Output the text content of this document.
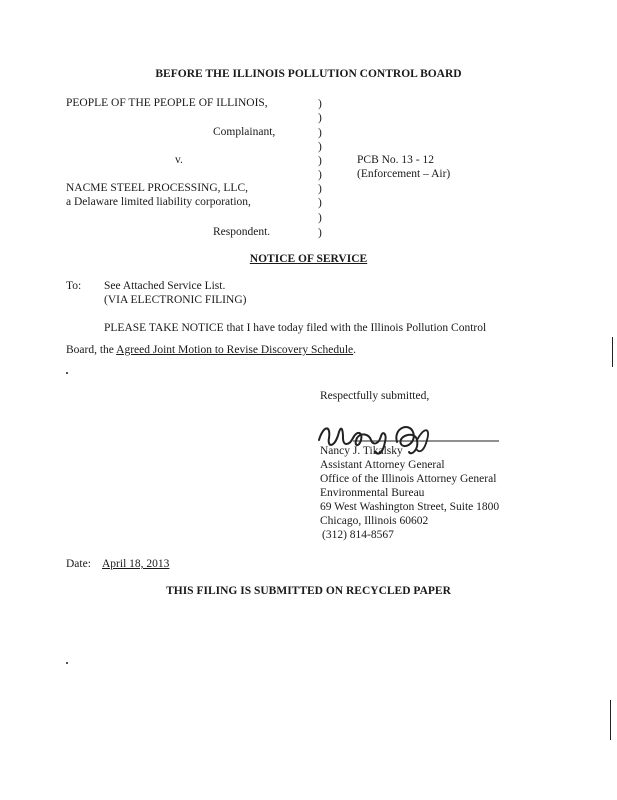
BEFORE THE ILLINOIS POLLUTION CONTROL BOARD
PEOPLE OF THE PEOPLE OF ILLINOIS,
Complainant,
v.
NACME STEEL PROCESSING, LLC,
a Delaware limited liability corporation,
Respondent.
)
)
)
)
)
)
)
)
)
)
PCB No. 13 - 12
(Enforcement – Air)
NOTICE OF SERVICE
To: See Attached Service List.
(VIA ELECTRONIC FILING)
PLEASE TAKE NOTICE that I have today filed with the Illinois Pollution Control
Board, the Agreed Joint Motion to Revise Discovery Schedule.
Respectfully submitted,
Nancy J. Tikalsky
Assistant Attorney General
Office of the Illinois Attorney General
Environmental Bureau
69 West Washington Street, Suite 1800
Chicago, Illinois 60602
(312) 814-8567
Date: April 18, 2013
THIS FILING IS SUBMITTED ON RECYCLED PAPER
